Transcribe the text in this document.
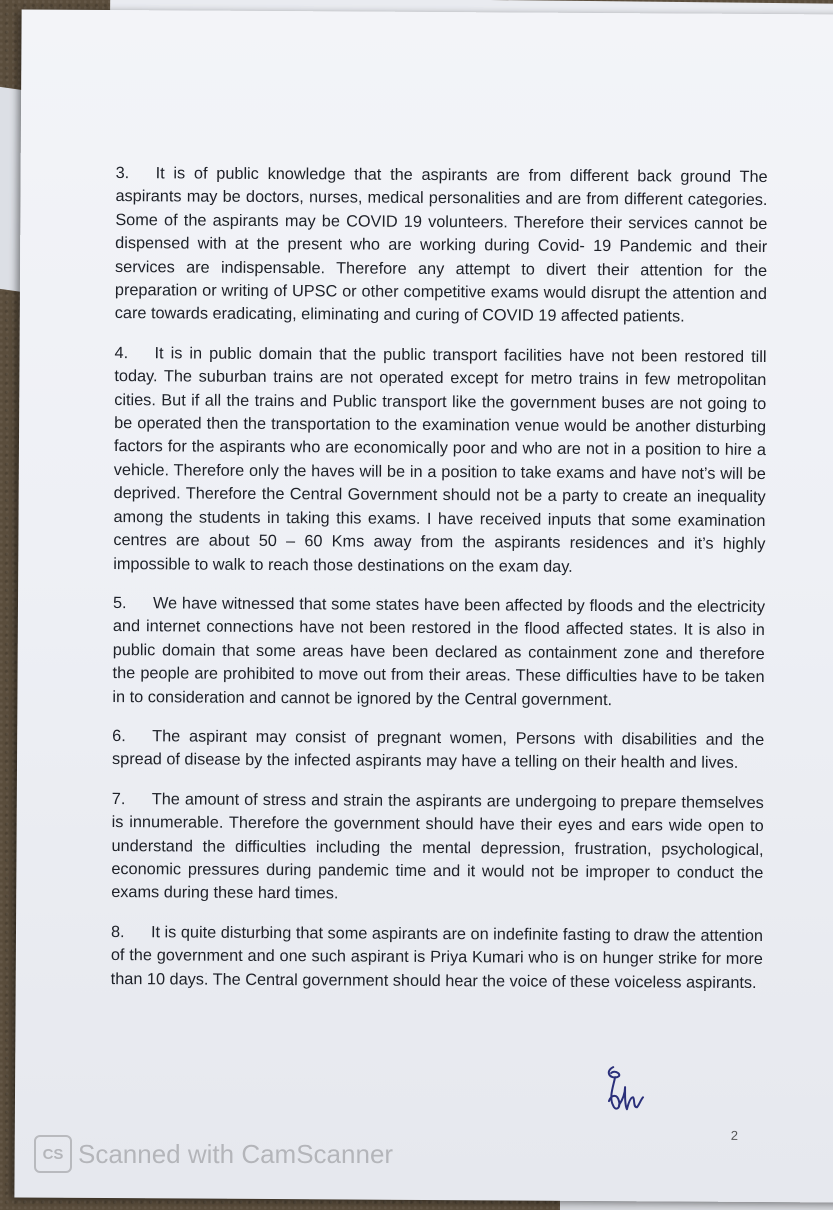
3. It is of public knowledge that the aspirants are from different back ground The aspirants may be doctors, nurses, medical personalities and are from different categories. Some of the aspirants may be COVID 19 volunteers. Therefore their services cannot be dispensed with at the present who are working during Covid- 19 Pandemic and their services are indispensable. Therefore any attempt to divert their attention for the preparation or writing of UPSC or other competitive exams would disrupt the attention and care towards eradicating, eliminating and curing of COVID 19 affected patients.

4. It is in public domain that the public transport facilities have not been restored till today. The suburban trains are not operated except for metro trains in few metropolitan cities. But if all the trains and Public transport like the government buses are not going to be operated then the transportation to the examination venue would be another disturbing factors for the aspirants who are economically poor and who are not in a position to hire a vehicle. Therefore only the haves will be in a position to take exams and have not’s will be deprived. Therefore the Central Government should not be a party to create an inequality among the students in taking this exams. I have received inputs that some examination centres are about 50 – 60 Kms away from the aspirants residences and it’s highly impossible to walk to reach those destinations on the exam day.

5. We have witnessed that some states have been affected by floods and the electricity and internet connections have not been restored in the flood affected states. It is also in public domain that some areas have been declared as containment zone and therefore the people are prohibited to move out from their areas. These difficulties have to be taken in to consideration and cannot be ignored by the Central government.

6. The aspirant may consist of pregnant women, Persons with disabilities and the spread of disease by the infected aspirants may have a telling on their health and lives.

7. The amount of stress and strain the aspirants are undergoing to prepare themselves is innumerable. Therefore the government should have their eyes and ears wide open to understand the difficulties including the mental depression, frustration, psychological, economic pressures during pandemic time and it would not be improper to conduct the exams during these hard times.

8. It is quite disturbing that some aspirants are on indefinite fasting to draw the attention of the government and one such aspirant is Priya Kumari who is on hunger strike for more than 10 days. The Central government should hear the voice of these voiceless aspirants.

2
CS Scanned with CamScanner
